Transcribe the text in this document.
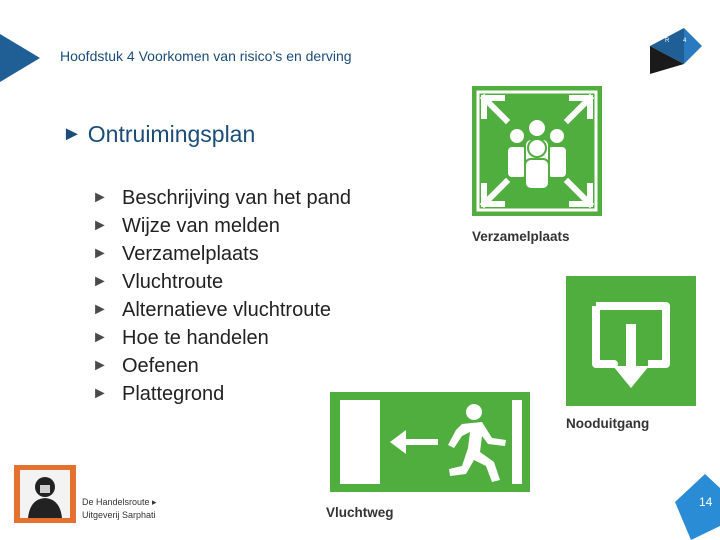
Hoofdstuk 4 Voorkomen van risico’s en derving
R 4
► Ontruimingsplan
► Beschrijving van het pand
► Wijze van melden
► Verzamelplaats
► Vluchtroute
► Alternatieve vluchtroute
► Hoe te handelen
► Oefenen
► Plattegrond
Verzamelplaats
Nooduitgang
Vluchtweg
De Handelsroute ▸
Uitgeverij Sarphati
14
